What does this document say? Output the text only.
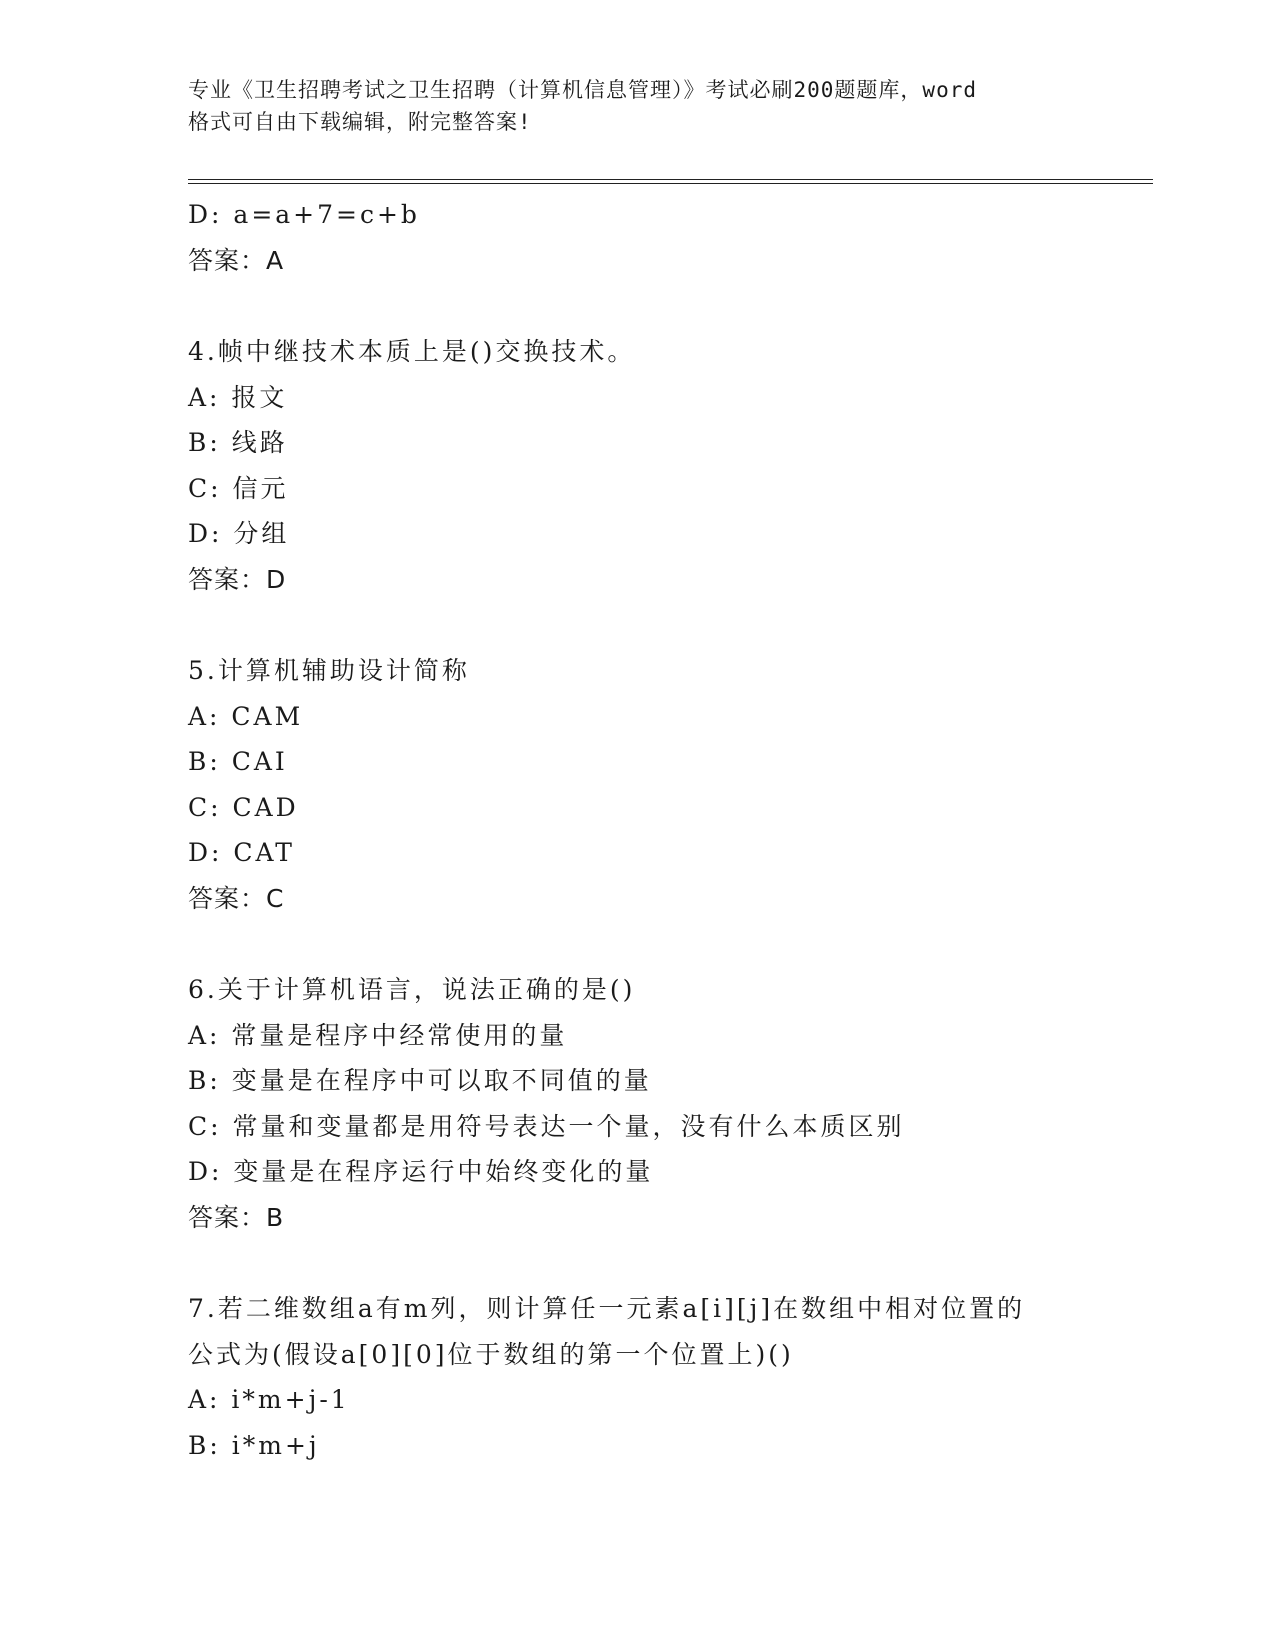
专业《卫生招聘考试之卫生招聘（计算机信息管理）》考试必刷200题题库，word
格式可自由下载编辑，附完整答案!
D: a=a+7=c+b
答案：A
4.帧中继技术本质上是()交换技术。
A: 报文
B: 线路
C: 信元
D: 分组
答案：D
5.计算机辅助设计简称
A: CAM
B: CAI
C: CAD
D: CAT
答案：C
6.关于计算机语言，说法正确的是()
A: 常量是程序中经常使用的量
B: 变量是在程序中可以取不同值的量
C: 常量和变量都是用符号表达一个量，没有什么本质区别
D: 变量是在程序运行中始终变化的量
答案：B
7.若二维数组a有m列，则计算任一元素a[i][j]在数组中相对位置的
公式为(假设a[0][0]位于数组的第一个位置上)()
A: i*m+j-1
B: i*m+j
